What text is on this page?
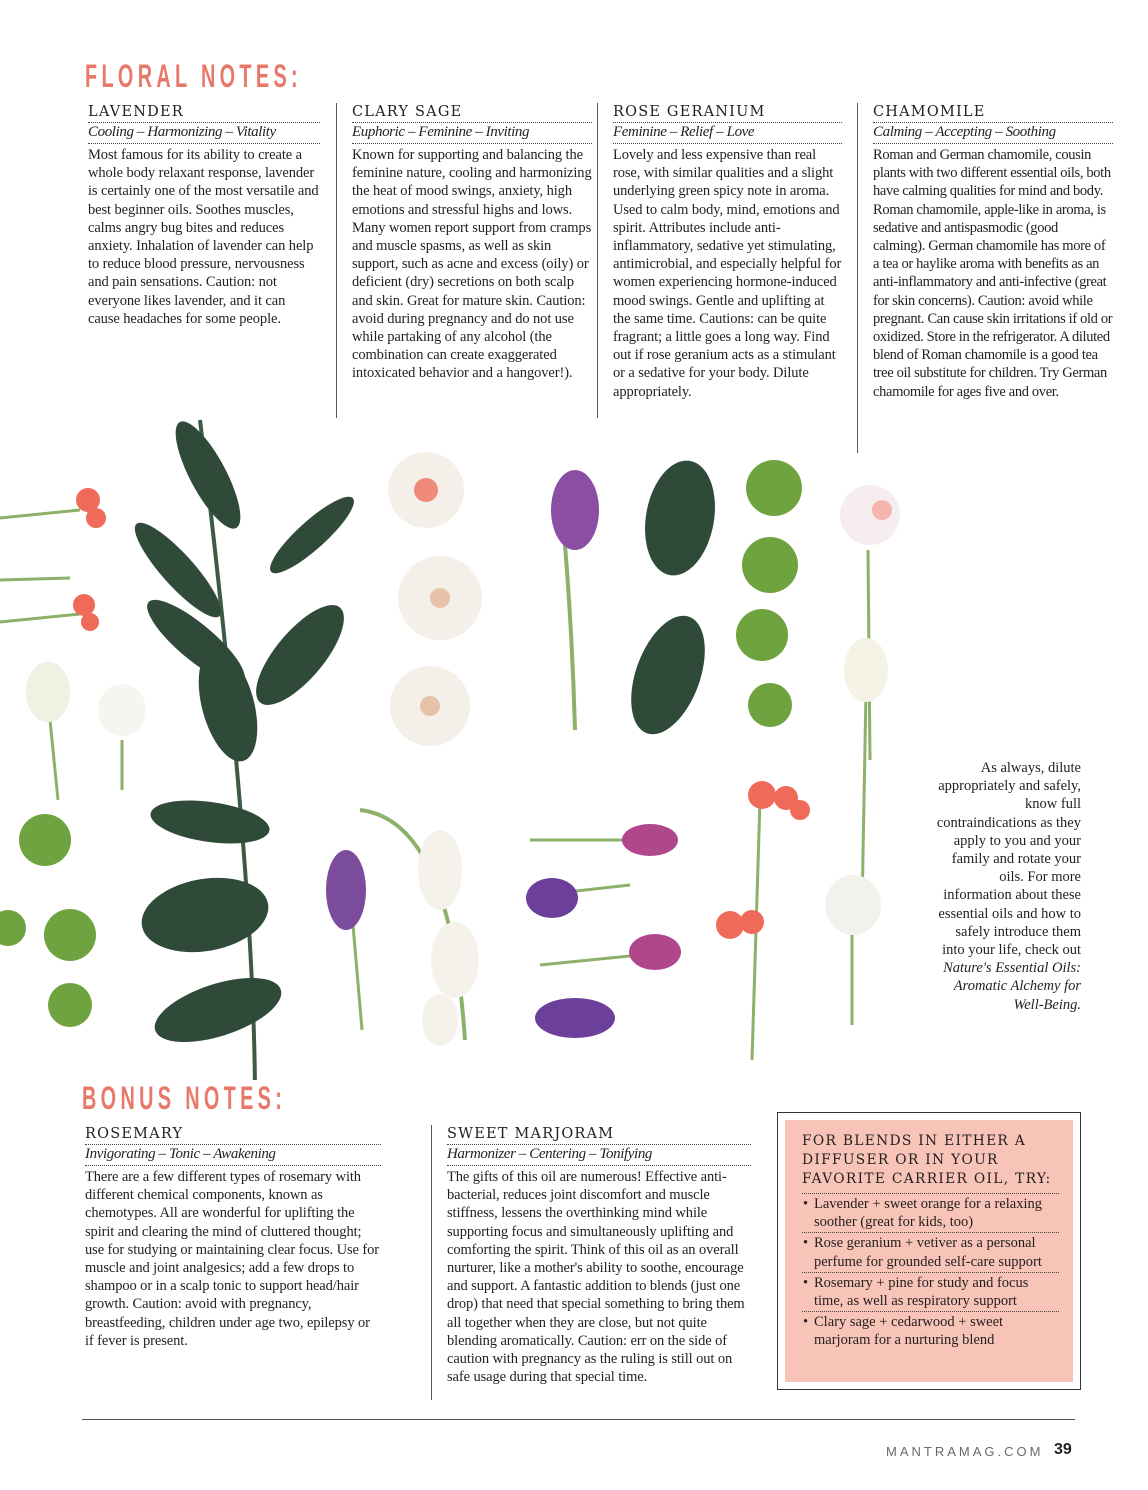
FLORAL NOTES:
LAVENDER
Cooling – Harmonizing – Vitality

Most famous for its ability to create a whole body relaxant response, lavender is certainly one of the most versatile and best beginner oils. Soothes muscles, calms angry bug bites and reduces anxiety. Inhalation of lavender can help to reduce blood pressure, nervousness and pain sensations. Caution: not everyone likes lavender, and it can cause headaches for some people.

CLARY SAGE
Euphoric – Feminine – Inviting

Known for supporting and balancing the feminine nature, cooling and harmonizing the heat of mood swings, anxiety, high emotions and stressful highs and lows. Many women report support from cramps and muscle spasms, as well as skin support, such as acne and excess (oily) or deficient (dry) secretions on both scalp and skin. Great for mature skin. Caution: avoid during pregnancy and do not use while partaking of any alcohol (the combination can create exaggerated intoxicated behavior and a hangover!).

ROSE GERANIUM
Feminine – Relief – Love

Lovely and less expensive than real rose, with similar qualities and a slight underlying green spicy note in aroma. Used to calm body, mind, emotions and spirit. Attributes include anti-inflammatory, sedative yet stimulating, antimicrobial, and especially helpful for women experiencing hormone-induced mood swings. Gentle and uplifting at the same time. Cautions: can be quite fragrant; a little goes a long way. Find out if rose geranium acts as a stimulant or a sedative for your body. Dilute appropriately.

CHAMOMILE
Calming – Accepting – Soothing

Roman and German chamomile, cousin plants with two different essential oils, both have calming qualities for mind and body. Roman chamomile, apple-like in aroma, is sedative and antispasmodic (good calming). German chamomile has more of a tea or haylike aroma with benefits as an anti-inflammatory and anti-infective (great for skin concerns). Caution: avoid while pregnant. Can cause skin irritations if old or oxidized. Store in the refrigerator. A diluted blend of Roman chamomile is a good tea tree oil substitute for children. Try German chamomile for ages five and over.

As always, dilute appropriately and safely, know full contraindications as they apply to you and your family and rotate your oils. For more information about these essential oils and how to safely introduce them into your life, check out Nature's Essential Oils: Aromatic Alchemy for Well-Being.

BONUS NOTES:
ROSEMARY
Invigorating – Tonic – Awakening

There are a few different types of rosemary with different chemical components, known as chemotypes. All are wonderful for uplifting the spirit and clearing the mind of cluttered thought; use for studying or maintaining clear focus. Use for muscle and joint analgesics; add a few drops to shampoo or in a scalp tonic to support head/hair growth. Caution: avoid with pregnancy, breastfeeding, children under age two, epilepsy or if fever is present.

SWEET MARJORAM
Harmonizer – Centering – Tonifying

The gifts of this oil are numerous! Effective anti-bacterial, reduces joint discomfort and muscle stiffness, lessens the overthinking mind while supporting focus and simultaneously uplifting and comforting the spirit. Think of this oil as an overall nurturer, like a mother's ability to soothe, encourage and support. A fantastic addition to blends (just one drop) that need that special something to bring them all together when they are close, but not quite blending aromatically. Caution: err on the side of caution with pregnancy as the ruling is still out on safe usage during that special time.

FOR BLENDS IN EITHER A DIFFUSER OR IN YOUR FAVORITE CARRIER OIL, TRY:
• Lavender + sweet orange for a relaxing soother (great for kids, too)
• Rose geranium + vetiver as a personal perfume for grounded self-care support
• Rosemary + pine for study and focus time, as well as respiratory support
• Clary sage + cedarwood + sweet marjoram for a nurturing blend
MANTRAMAG.COM 39
